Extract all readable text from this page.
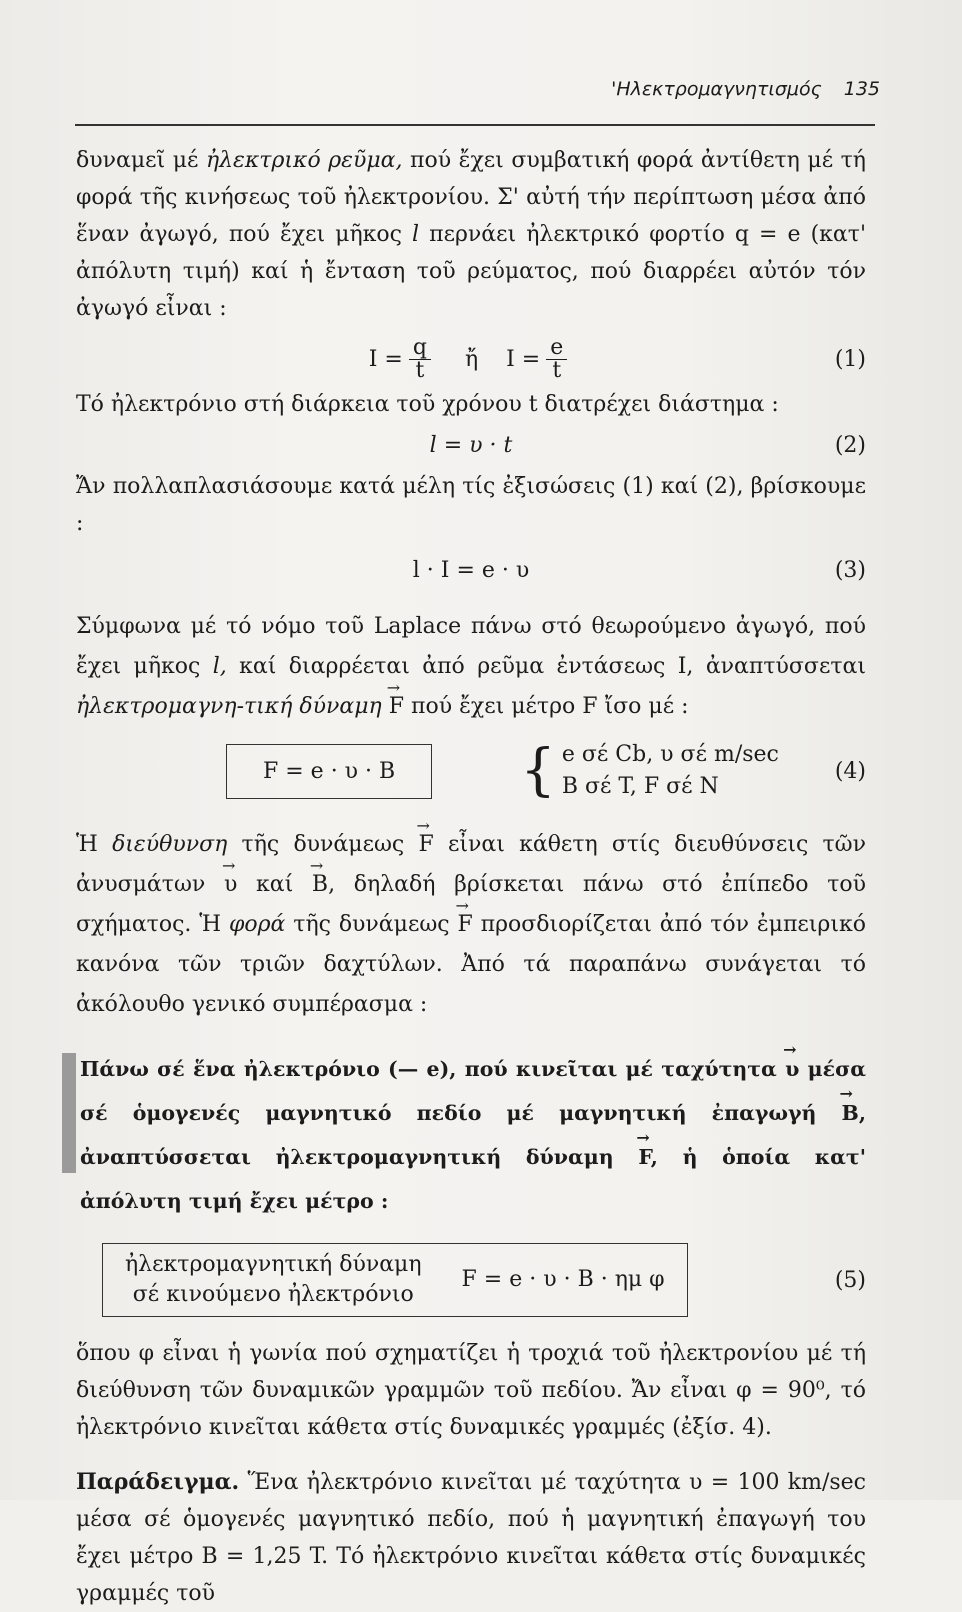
'Ηλεκτρομαγνητισμός 135

δυναμεῖ μέ ἠλεκτρικό ρεῦμα, πού ἔχει συμβατική φορά ἀντίθετη μέ τή φορά τῆς κινήσεως τοῦ ἠλεκτρονίου. Σ' αὐτή τήν περίπτωση μέσα ἀπό ἕναν ἀγωγό, πού ἔχει μῆκος l περνάει ἠλεκτρικό φορτίο q = e (κατ' ἀπόλυτη τιμή) καί ἡ ἔνταση τοῦ ρεύματος, πού διαρρέει αὐτόν τόν ἀγωγό εἶναι :

$I = \frac{q}{t}$ ἤ $I = \frac{e}{t}$	(1)

Τό ἠλεκτρόνιο στή διάρκεια τοῦ χρόνου t διατρέχει διάστημα :

l = υ · t	(2)

Ἄν πολλαπλασιάσουμε κατά μέλη τίς ἐξισώσεις (1) καί (2), βρίσκουμε :

l · I = e · υ	(3)

Σύμφωνα μέ τό νόμο τοῦ Laplace πάνω στό θεωρούμενο ἀγωγό, πού ἔχει μῆκος l, καί διαρρέεται ἀπό ρεῦμα ἐντάσεως I, ἀναπτύσσεται ἠλεκτρομαγνη-τική δύναμη → F πού ἔχει μέτρο F ἴσο μέ :

F = e · υ · B	{ e σέ Cb, υ σέ m/sec
B σέ T, F σέ N
(4)

Ἡ διεύθυνση τῆς δυνάμεως → F εἶναι κάθετη στίς διευθύνσεις τῶν ἀνυσμάτων → υ καί → B, δηλαδή βρίσκεται πάνω στό ἐπίπεδο τοῦ σχήματος. Ἡ φορά τῆς δυνάμεως → F προσδιορίζεται ἀπό τόν ἐμπειρικό κανόνα τῶν τριῶν δαχτύλων. Ἀπό τά παραπάνω συνάγεται τό ἀκόλουθο γενικό συμπέρασμα :

Πάνω σέ ἕνα ἠλεκτρόνιο (— e), πού κινεῖται μέ ταχύτητα → υ μέσα σέ ὁμογενές μαγνητικό πεδίο μέ μαγνητική ἐπαγωγή → B, ἀναπτύσσεται ἠλεκτρομαγνητική δύναμη → F, ἡ ὁποία κατ' ἀπόλυτη τιμή ἔχει μέτρο :

ἠλεκτρομαγνητική δύναμη
σέ κινούμενο ἠλεκτρόνιο
F = e · υ · B · ημ φ	(5)

ὅπου φ εἶναι ἡ γωνία πού σχηματίζει ἡ τροχιά τοῦ ἠλεκτρονίου μέ τή διεύθυνση τῶν δυναμικῶν γραμμῶν τοῦ πεδίου. Ἄν εἶναι φ = 90⁰, τό ἠλεκτρόνιο κινεῖται κάθετα στίς δυναμικές γραμμές (ἐξίσ. 4).

Παράδειγμα. Ἕνα ἠλεκτρόνιο κινεῖται μέ ταχύτητα υ = 100 km/sec μέσα σέ ὁμογενές μαγνητικό πεδίο, πού ἡ μαγνητική ἐπαγωγή του ἔχει μέτρο B = 1,25 T. Τό ἠλεκτρόνιο κινεῖται κάθετα στίς δυναμικές γραμμές τοῦ
